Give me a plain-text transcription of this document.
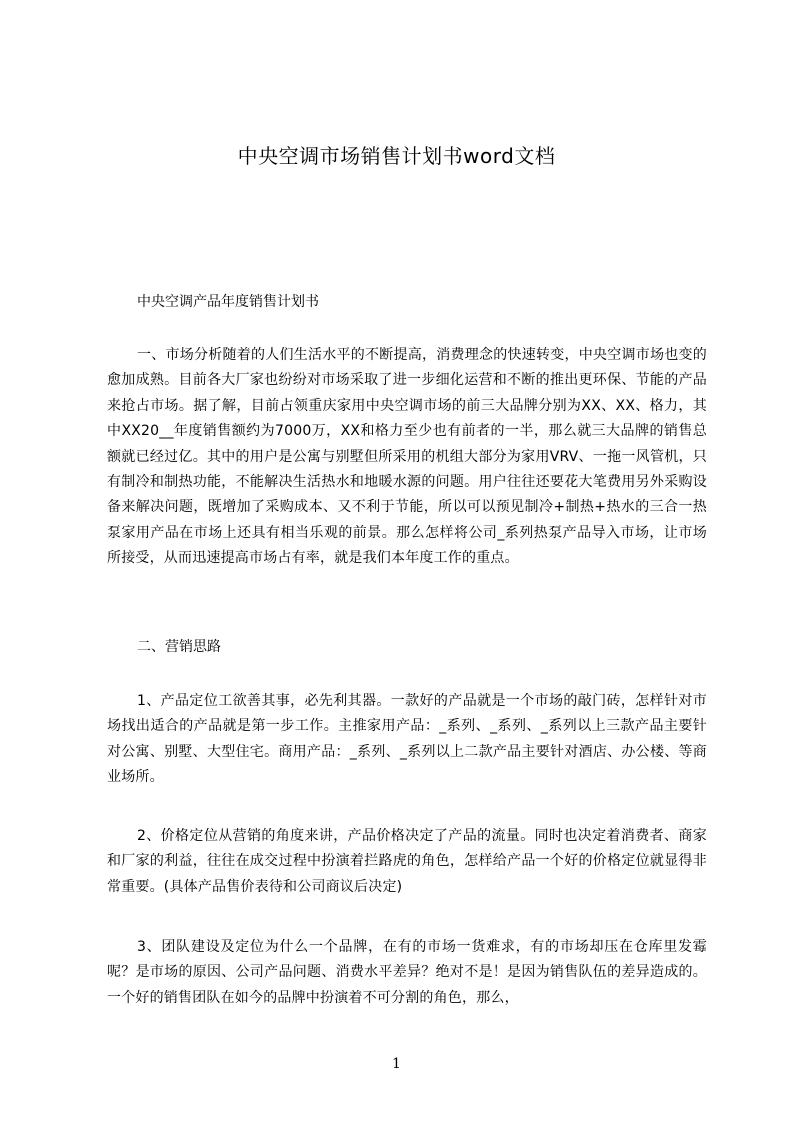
中央空调市场销售计划书word文档
中央空调产品年度销售计划书

一、市场分析随着的人们生活水平的不断提高，消费理念的快速转变，中央空调市场也变的愈加成熟。目前各大厂家也纷纷对市场采取了进一步细化运营和不断的推出更环保、节能的产品来抢占市场。据了解，目前占领重庆家用中央空调市场的前三大品牌分别为XX、XX、格力，其中XX20__年度销售额约为7000万，XX和格力至少也有前者的一半，那么就三大品牌的销售总额就已经过亿。其中的用户是公寓与别墅但所采用的机组大部分为家用VRV、一拖一风管机，只有制冷和制热功能，不能解决生活热水和地暖水源的问题。用户往往还要花大笔费用另外采购设备来解决问题，既增加了采购成本、又不利于节能，所以可以预见制冷+制热+热水的三合一热泵家用产品在市场上还具有相当乐观的前景。那么怎样将公司_系列热泵产品导入市场，让市场所接受，从而迅速提高市场占有率，就是我们本年度工作的重点。

二、营销思路

1、产品定位工欲善其事，必先利其器。一款好的产品就是一个市场的敲门砖，怎样针对市场找出适合的产品就是第一步工作。主推家用产品：_系列、_系列、_系列以上三款产品主要针对公寓、别墅、大型住宅。商用产品：_系列、_系列以上二款产品主要针对酒店、办公楼、等商业场所。

2、价格定位从营销的角度来讲，产品价格决定了产品的流量。同时也决定着消费者、商家和厂家的利益，往往在成交过程中扮演着拦路虎的角色，怎样给产品一个好的价格定位就显得非常重要。(具体产品售价表待和公司商议后决定)

3、团队建设及定位为什么一个品牌，在有的市场一货难求，有的市场却压在仓库里发霉呢？是市场的原因、公司产品问题、消费水平差异？绝对不是！是因为销售队伍的差异造成的。一个好的销售团队在如今的品牌中扮演着不可分割的角色，那么，

1
